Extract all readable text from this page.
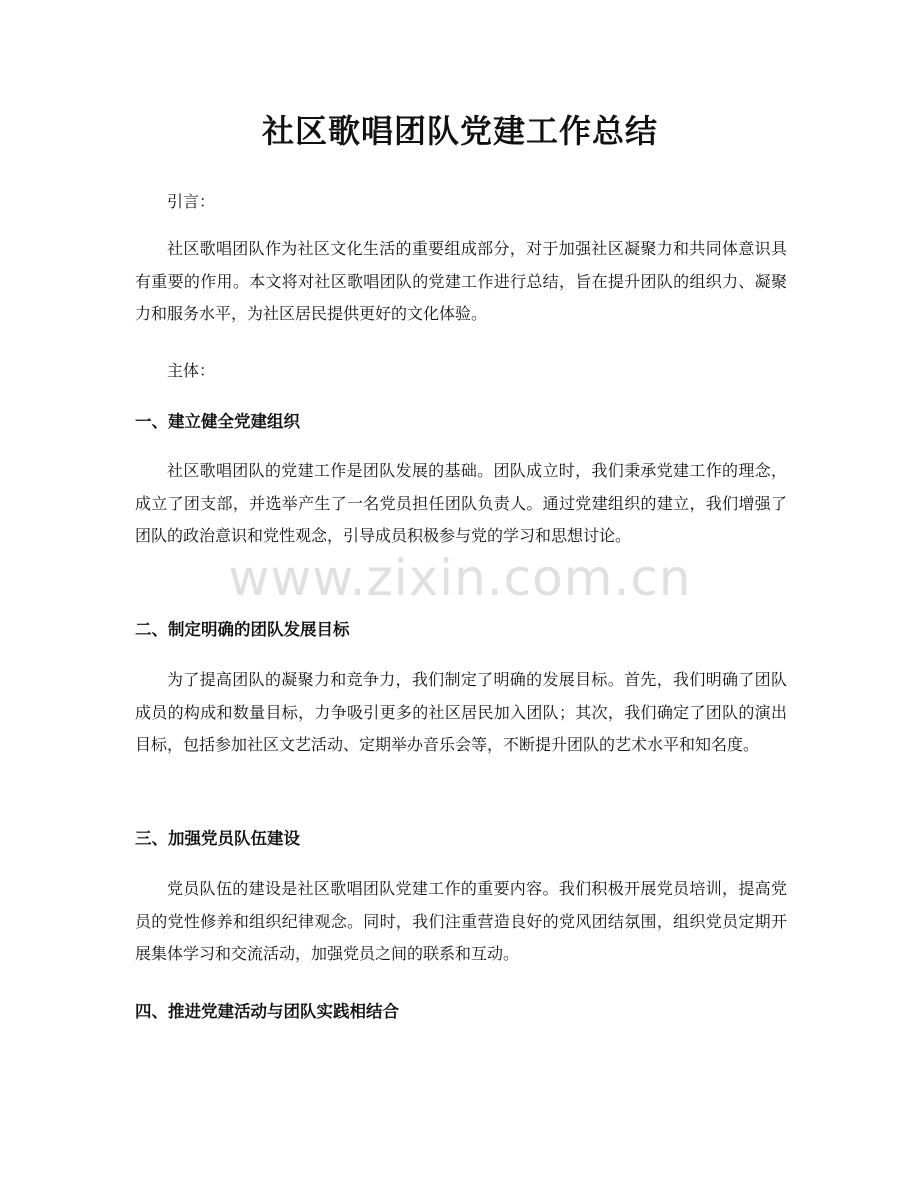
社区歌唱团队党建工作总结

引言：

社区歌唱团队作为社区文化生活的重要组成部分，对于加强社区凝聚力和共同体意识具有重要的作用。本文将对社区歌唱团队的党建工作进行总结，旨在提升团队的组织力、凝聚力和服务水平，为社区居民提供更好的文化体验。

主体：

一、建立健全党建组织

社区歌唱团队的党建工作是团队发展的基础。团队成立时，我们秉承党建工作的理念，成立了团支部，并选举产生了一名党员担任团队负责人。通过党建组织的建立，我们增强了团队的政治意识和党性观念，引导成员积极参与党的学习和思想讨论。

二、制定明确的团队发展目标

为了提高团队的凝聚力和竞争力，我们制定了明确的发展目标。首先，我们明确了团队成员的构成和数量目标，力争吸引更多的社区居民加入团队；其次，我们确定了团队的演出目标，包括参加社区文艺活动、定期举办音乐会等，不断提升团队的艺术水平和知名度。

三、加强党员队伍建设

党员队伍的建设是社区歌唱团队党建工作的重要内容。我们积极开展党员培训，提高党员的党性修养和组织纪律观念。同时，我们注重营造良好的党风团结氛围，组织党员定期开展集体学习和交流活动，加强党员之间的联系和互动。

四、推进党建活动与团队实践相结合
www.zixin.com.cn
